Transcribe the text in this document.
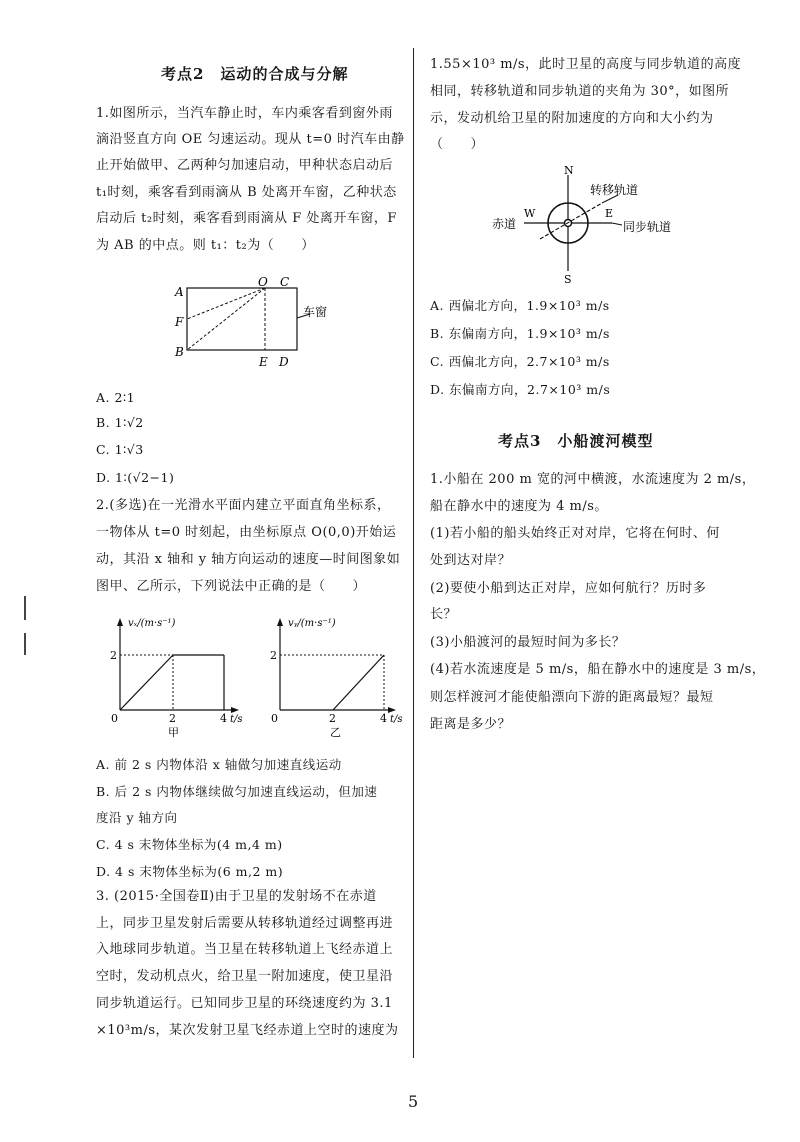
考点2　运动的合成与分解
1.如图所示，当汽车静止时，车内乘客看到窗外雨
滴沿竖直方向 OE 匀速运动。现从 t=0 时汽车由静
止开始做甲、乙两种匀加速启动，甲种状态启动后
t₁时刻，乘客看到雨滴从 B 处离开车窗，乙种状态
启动后 t₂时刻，乘客看到雨滴从 F 处离开车窗，F
为 AB 的中点。则 t₁：t₂为（　　）
A
O C
F
B
E D
车窗
A. 2∶1
B. 1∶√2
C. 1∶√3
D. 1∶(√2−1)
2.(多选)在一光滑水平面内建立平面直角坐标系，
一物体从 t=0 时刻起，由坐标原点 O(0,0)开始运
动，其沿 x 轴和 y 轴方向运动的速度—时间图象如
图甲、乙所示，下列说法中正确的是（　　）
vₓ/(m·s⁻¹)
2
0	2	4 t/s
甲
vᵧ/(m·s⁻¹)
2
0	2	4 t/s
乙
A. 前 2 s 内物体沿 x 轴做匀加速直线运动
B. 后 2 s 内物体继续做匀加速直线运动，但加速
度沿 y 轴方向
C. 4 s 末物体坐标为(4 m,4 m)
D. 4 s 末物体坐标为(6 m,2 m)
3. (2015·全国卷Ⅱ)由于卫星的发射场不在赤道
上，同步卫星发射后需要从转移轨道经过调整再进
入地球同步轨道。当卫星在转移轨道上飞经赤道上
空时，发动机点火，给卫星一附加速度，使卫星沿
同步轨道运行。已知同步卫星的环绕速度约为 3.1
×10³m/s，某次发射卫星飞经赤道上空时的速度为
1.55×10³ m/s，此时卫星的高度与同步轨道的高度
相同，转移轨道和同步轨道的夹角为 30°，如图所
示，发动机给卫星的附加速度的方向和大小约为
（　　）
N
S
W	E
转移轨道
赤道	同步轨道
A. 西偏北方向，1.9×10³ m/s
B. 东偏南方向，1.9×10³ m/s
C. 西偏北方向，2.7×10³ m/s
D. 东偏南方向，2.7×10³ m/s
考点3　小船渡河模型
1.小船在 200 m 宽的河中横渡，水流速度为 2 m/s，
船在静水中的速度为 4 m/s。
(1)若小船的船头始终正对对岸，它将在何时、何
处到达对岸？
(2)要使小船到达正对岸，应如何航行？历时多
长？
(3)小船渡河的最短时间为多长？
(4)若水流速度是 5 m/s，船在静水中的速度是 3 m/s，
则怎样渡河才能使船漂向下游的距离最短？最短
距离是多少？
5
